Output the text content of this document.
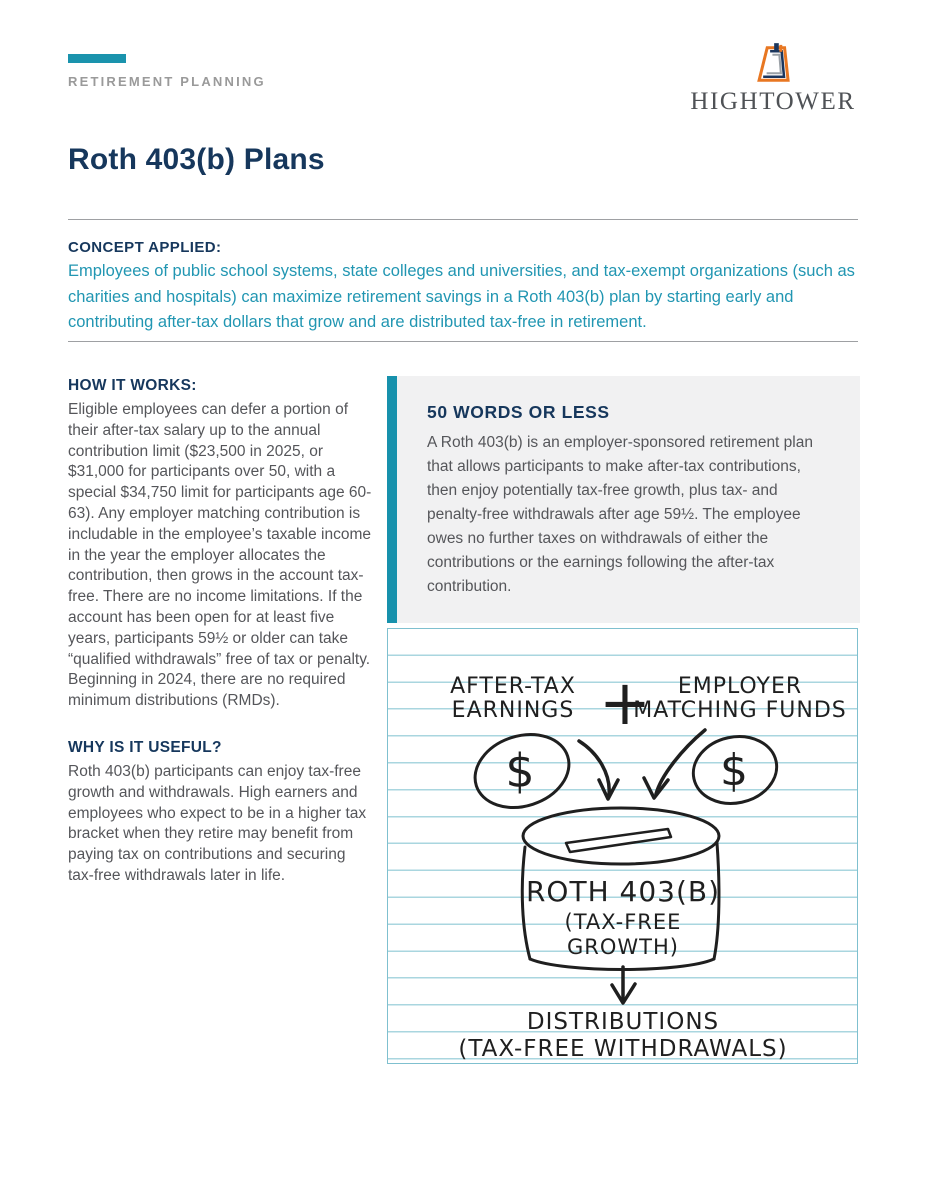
RETIREMENT PLANNING
HIGHTOWER
Roth 403(b) Plans
CONCEPT APPLIED:

Employees of public school systems, state colleges and universities, and tax-exempt organizations (such as charities and hospitals) can maximize retirement savings in a Roth 403(b) plan by starting early and contributing after-tax dollars that grow and are distributed tax-free in retirement.

HOW IT WORKS:

Eligible employees can defer a portion of their after-tax salary up to the annual contribution limit ($23,500 in 2025, or $31,000 for participants over 50, with a special $34,750 limit for participants age 60-63). Any employer matching contribution is includable in the employee’s taxable income in the year the employer allocates the contribution, then grows in the account tax-free. There are no income limitations. If the account has been open for at least five years, participants 59½ or older can take “qualified withdrawals” free of tax or penalty. Beginning in 2024, there are no required minimum distributions (RMDs).

WHY IS IT USEFUL?

Roth 403(b) participants can enjoy tax-free growth and withdrawals. High earners and employees who expect to be in a higher tax bracket when they retire may benefit from paying tax on contributions and securing tax-free withdrawals later in life.

50 WORDS OR LESS

A Roth 403(b) is an employer-sponsored retirement plan that allows participants to make after-tax contributions, then enjoy potentially tax-free growth, plus tax- and penalty-free withdrawals after age 59½. The employee owes no further taxes on withdrawals of either the contributions or the earnings following the after-tax contribution.

AFTER-TAX
EARNINGS + EMPLOYER
MATCHING FUNDS
$	$
ROTH 403(B)
(TAX-FREE
GROWTH)
DISTRIBUTIONS
(TAX-FREE WITHDRAWALS)
